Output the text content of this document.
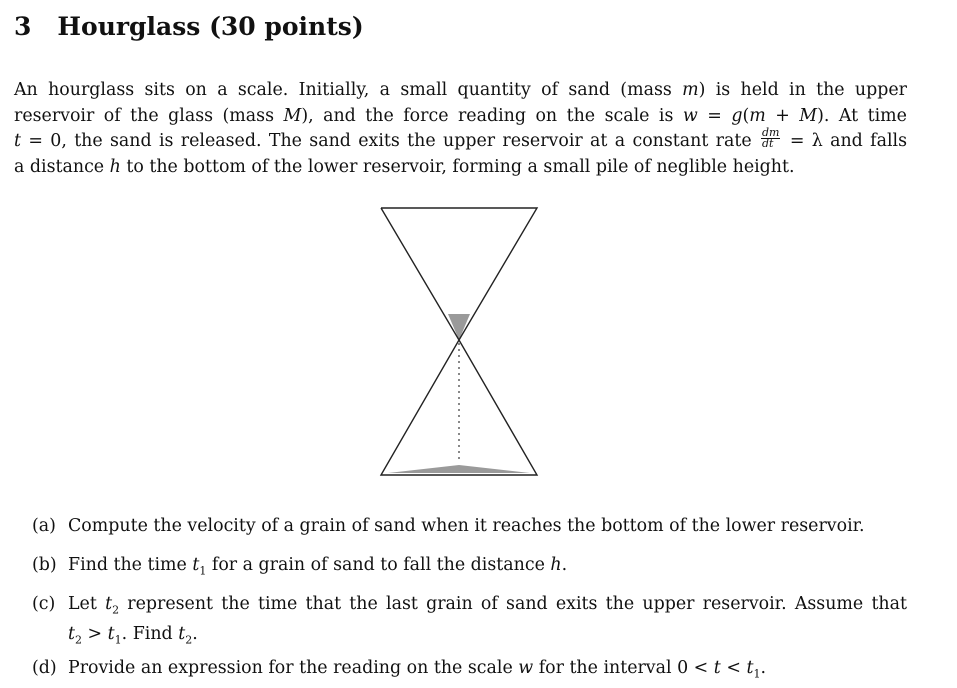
3 Hourglass (30 points)
An hourglass sits on a scale. Initially, a small quantity of sand (mass m) is held in the upper
reservoir of the glass (mass M), and the force reading on the scale is w = g(m + M). At time
t = 0, the sand is released. The sand exits the upper reservoir at a constant rate $\frac{dm}{dt} = \lambda$ and falls
a distance h to the bottom of the lower reservoir, forming a small pile of neglible height.
(a) Compute the velocity of a grain of sand when it reaches the bottom of the lower reservoir.
(b) Find the time $t_1$ for a grain of sand to fall the distance h.
(c) Let $t_2$ represent the time that the last grain of sand exits the upper reservoir. Assume that
$t_2 > t_1$. Find $t_2$.
(d) Provide an expression for the reading on the scale w for the interval $0 < t < t_1$.
